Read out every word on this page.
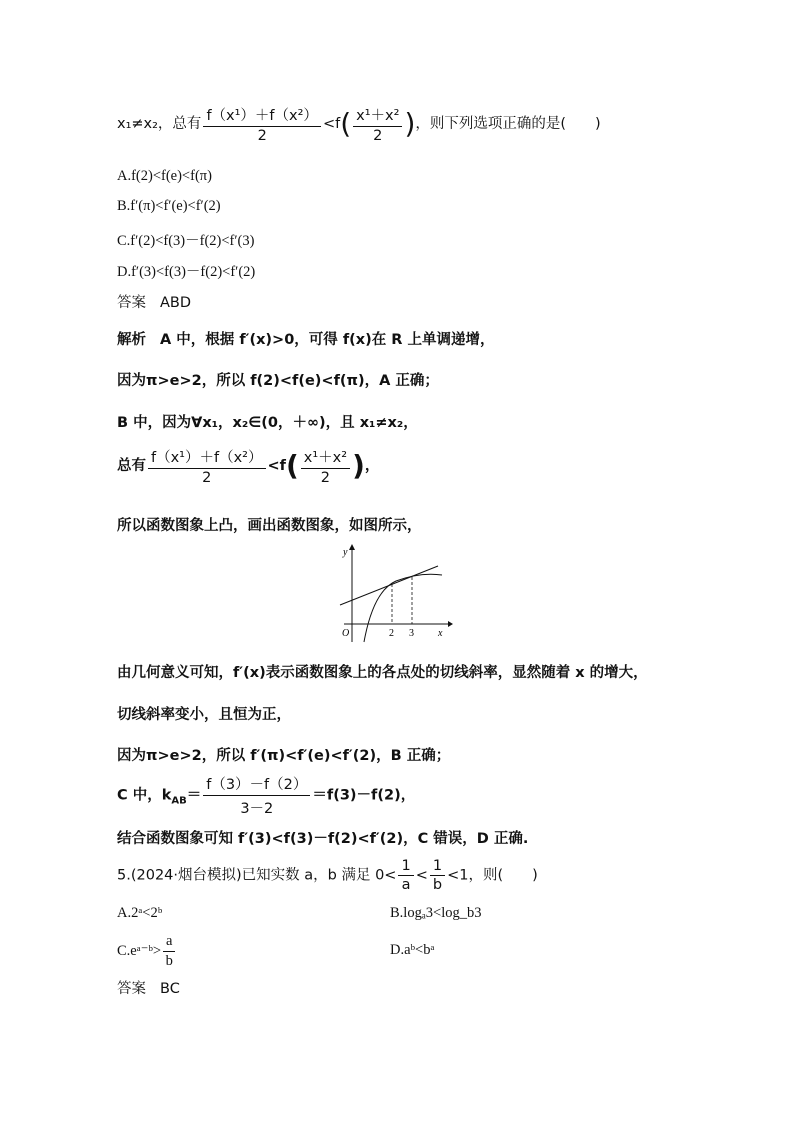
x₁≠x₂，总有 $\frac{\text{f（x¹）＋f（x²）}}{2} <f( \frac{\text{x¹＋x²}}{2}$ )，则下列选项正确的是(　　)
A.f(2)<f(e)<f(π)
B.f′(π)<f′(e)<f′(2)
C.f′(2)<f(3)－f(2)<f′(3)
D.f′(3)<f(3)－f(2)<f′(2)
答案 ABD
解析 A 中，根据 f′(x)>0，可得 f(x)在 R 上单调递增，
因为π>e>2，所以 f(2)<f(e)<f(π)，A 正确；
B 中，因为∀x₁，x₂∈(0，＋∞)，且 x₁≠x₂，
总有 $\frac{\text{f（x¹）＋f（x²）}}{2} <f( \frac{\text{x¹＋x²}}{2}$ )，
所以函数图象上凸，画出函数图象，如图所示，
y
x
O	2 3
由几何意义可知，f′(x)表示函数图象上的各点处的切线斜率，显然随着 x 的增大，
切线斜率变小，且恒为正，
因为π>e>2，所以 f′(π)<f′(e)<f′(2)，B 正确；
C 中，$k_{AB}= \frac{f(3)-f(2)}{3-2} =f(3)-f(2)$，
结合函数图象可知 f′(3)<f(3)－f(2)<f′(2)，C 错误，D 正确.
5.(2024·烟台模拟)已知实数 a，b 满足 $0< \frac{1}{a} < \frac{1}{b} <1$，则(　　)
A.2ᵃ<2ᵇ	B.logₐ3<log_b3
C.eᵃ⁻ᵇ> $\frac{a}{b}$	D.aᵇ<bᵃ
答案 BC
